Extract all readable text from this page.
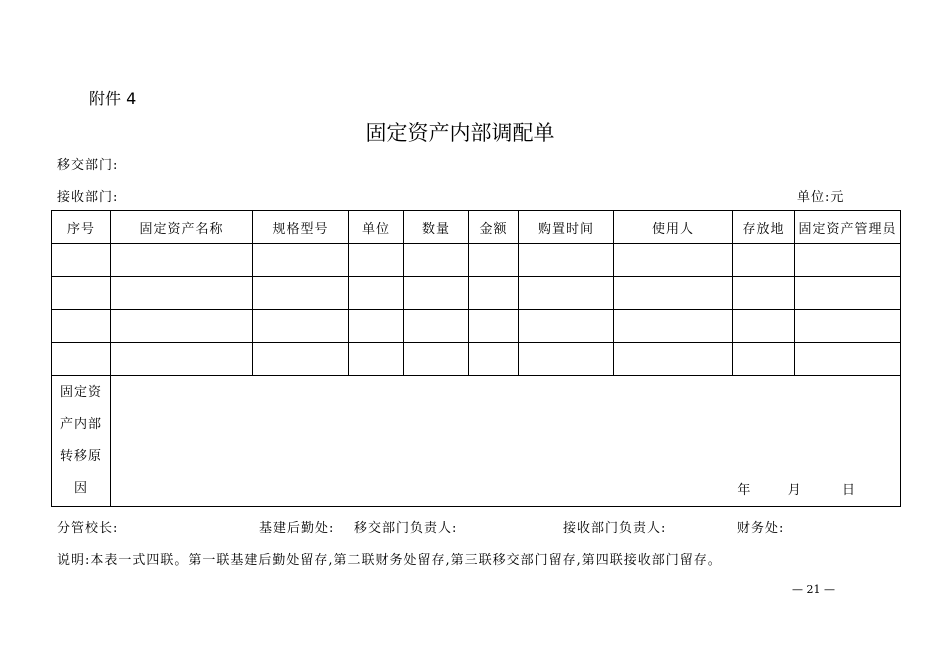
附件 4
固定资产内部调配单
移交部门:
接收部门:	单位:元
序号	固定资产名称	规格型号	单位	数量	金额	购置时间	使用人	存放地	固定资产管理员

固定资
产内部
转移原
因	年 月 日								
分管校长:	基建后勤处: 移交部门负责人:	接收部门负责人:	财务处:
说明:本表一式四联。第一联基建后勤处留存,第二联财务处留存,第三联移交部门留存,第四联接收部门留存。
— 21 —
